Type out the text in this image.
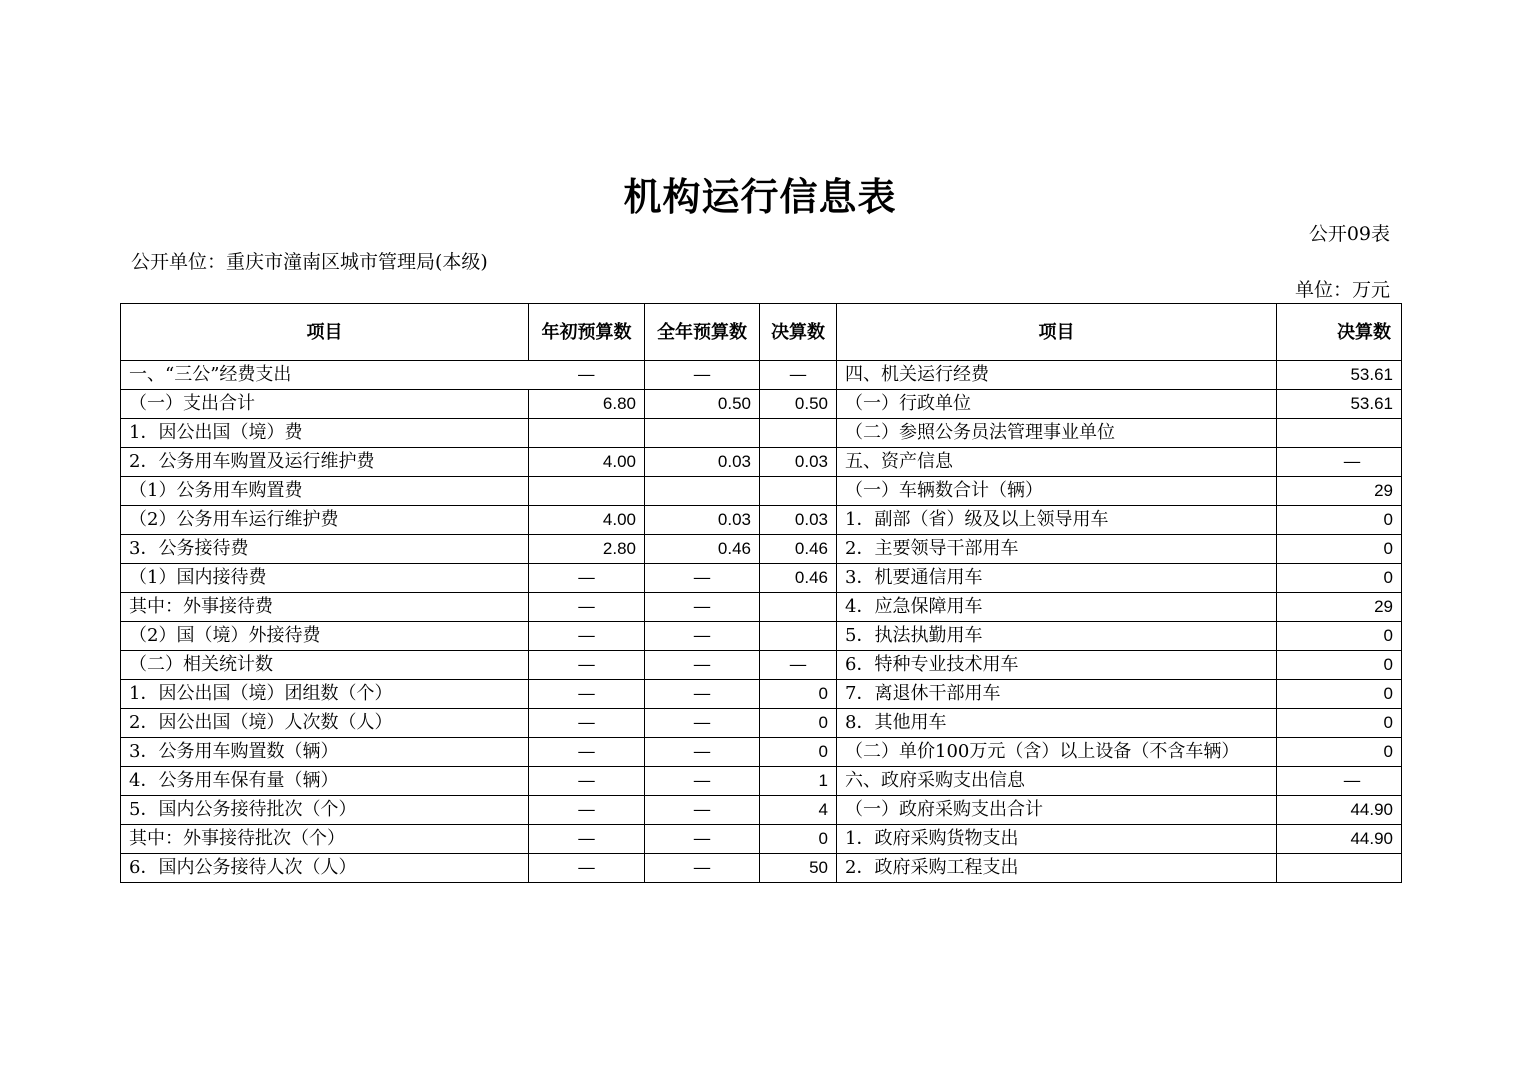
机构运行信息表
公开09表
公开单位：重庆市潼南区城市管理局(本级)
单位：万元
项目	年初预算数	全年预算数	决算数	项目	决算数
一、“三公”经费支出	—	—	—	四、机关运行经费	53.61
（一）支出合计	6.80	0.50	0.50	（一）行政单位	53.61
1．因公出国（境）费				（二）参照公务员法管理事业单位	
2．公务用车购置及运行维护费	4.00	0.03	0.03	五、资产信息	—
（1）公务用车购置费				（一）车辆数合计（辆）	29
（2）公务用车运行维护费	4.00	0.03	0.03	1．副部（省）级及以上领导用车	0
3．公务接待费	2.80	0.46	0.46	2．主要领导干部用车	0
（1）国内接待费	—	—	0.46	3．机要通信用车	0
其中：外事接待费	—	—		4．应急保障用车	29
（2）国（境）外接待费	—	—		5．执法执勤用车	0
（二）相关统计数	—	—	—	6．特种专业技术用车	0
1．因公出国（境）团组数（个）	—	—	0	7．离退休干部用车	0
2．因公出国（境）人次数（人）	—	—	0	8．其他用车	0
3．公务用车购置数（辆）	—	—	0	（二）单价100万元（含）以上设备（不含车辆）	0
4．公务用车保有量（辆）	—	—	1	六、政府采购支出信息	—
5．国内公务接待批次（个）	—	—	4	（一）政府采购支出合计	44.90
其中：外事接待批次（个）	—	—	0	1．政府采购货物支出	44.90
6．国内公务接待人次（人）	—	—	50	2．政府采购工程支出	
